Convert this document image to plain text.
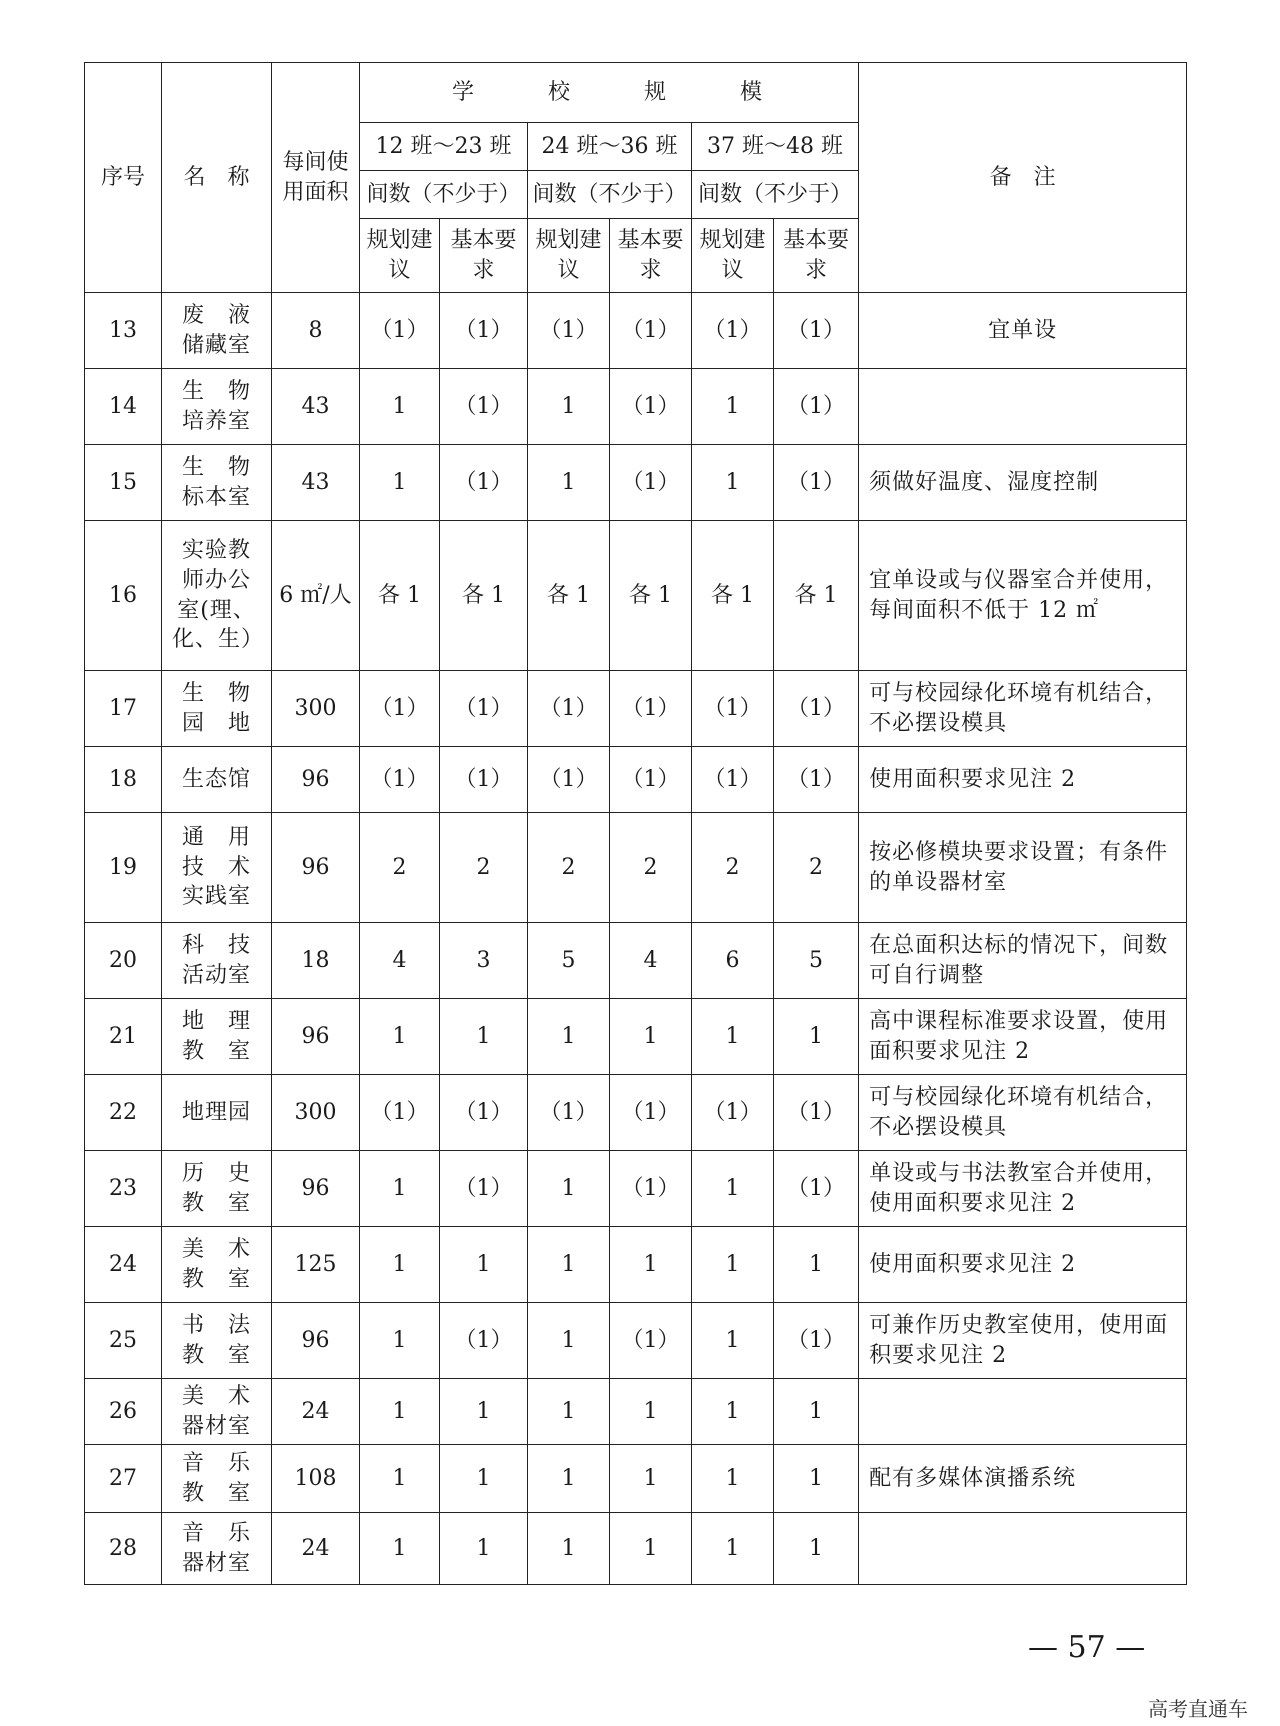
序号	名　称	每间使用面积	学　校　规　模						备　注
			12 班～23 班		24 班～36 班		37 班～48 班		
			间数（不少于）		间数（不少于）		间数（不少于）		
			规划建议	基本要求	规划建议	基本要求	规划建议	基本要求	
13	废　液储藏室	8	（1）	（1）	（1）	（1）	（1）	（1）	宜单设
14	生　物培养室	43	1	（1）	1	（1）	1	（1）	
15	生　物标本室	43	1	（1）	1	（1）	1	（1）	须做好温度、湿度控制
16	实验教师办公室(理、化、生）	6 ㎡/人	各 1	各 1	各 1	各 1	各 1	各 1	宜单设或与仪器室合并使用，每间面积不低于 12 ㎡
17	生　物园　地	300	（1）	（1）	（1）	（1）	（1）	（1）	可与校园绿化环境有机结合，不必摆设模具
18	生态馆	96	（1）	（1）	（1）	（1）	（1）	（1）	使用面积要求见注 2
19	通　用技　术实践室	96	2	2	2	2	2	2	按必修模块要求设置；有条件的单设器材室
20	科　技活动室	18	4	3	5	4	6	5	在总面积达标的情况下，间数可自行调整
21	地　理教　室	96	1	1	1	1	1	1	高中课程标准要求设置，使用面积要求见注 2
22	地理园	300	（1）	（1）	（1）	（1）	（1）	（1）	可与校园绿化环境有机结合，不必摆设模具
23	历　史教　室	96	1	（1）	1	（1）	1	（1）	单设或与书法教室合并使用，使用面积要求见注 2
24	美　术教　室	125	1	1	1	1	1	1	使用面积要求见注 2
25	书　法教　室	96	1	（1）	1	（1）	1	（1）	可兼作历史教室使用，使用面积要求见注 2
26	美　术器材室	24	1	1	1	1	1	1	
27	音　乐教　室	108	1	1	1	1	1	1	配有多媒体演播系统
28	音　乐器材室	24	1	1	1	1	1	1	
— 57 —
高考直通车
